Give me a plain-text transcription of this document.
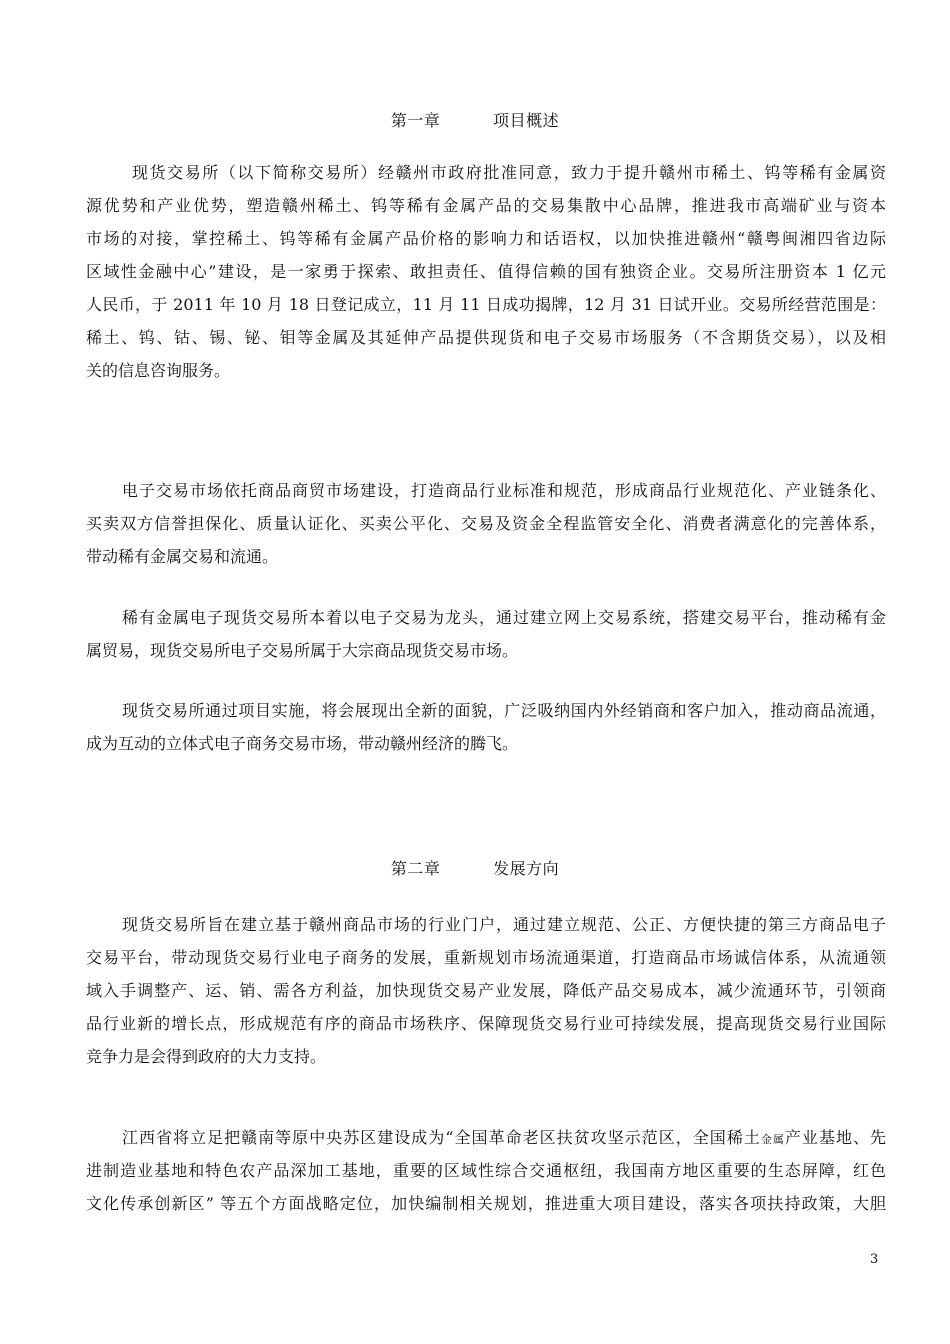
第一章   项目概述
现货交易所（以下简称交易所）经赣州市政府批准同意，致力于提升赣州市稀土、钨等稀有金属资
源优势和产业优势，塑造赣州稀土、钨等稀有金属产品的交易集散中心品牌，推进我市高端矿业与资本
市场的对接，掌控稀土、钨等稀有金属产品价格的影响力和话语权，以加快推进赣州“赣粤闽湘四省边际
区域性金融中心”建设，是一家勇于探索、敢担责任、值得信赖的国有独资企业。交易所注册资本 1 亿元
人民币，于 2011 年 10 月 18 日登记成立，11 月 11 日成功揭牌，12 月 31 日试开业。交易所经营范围是：
稀土、钨、钴、锡、铋、钼等金属及其延伸产品提供现货和电子交易市场服务（不含期货交易），以及相
关的信息咨询服务。
电子交易市场依托商品商贸市场建设，打造商品行业标准和规范，形成商品行业规范化、产业链条化、
买卖双方信誉担保化、质量认证化、买卖公平化、交易及资金全程监管安全化、消费者满意化的完善体系，
带动稀有金属交易和流通。
稀有金属电子现货交易所本着以电子交易为龙头，通过建立网上交易系统，搭建交易平台，推动稀有金
属贸易，现货交易所电子交易所属于大宗商品现货交易市场。
现货交易所通过项目实施，将会展现出全新的面貌，广泛吸纳国内外经销商和客户加入，推动商品流通，
成为互动的立体式电子商务交易市场，带动赣州经济的腾飞。
第二章   发展方向
现货交易所旨在建立基于赣州商品市场的行业门户，通过建立规范、公正、方便快捷的第三方商品电子
交易平台，带动现货交易行业电子商务的发展，重新规划市场流通渠道，打造商品市场诚信体系，从流通领
域入手调整产、运、销、需各方利益，加快现货交易产业发展，降低产品交易成本，减少流通环节，引领商
品行业新的增长点，形成规范有序的商品市场秩序、保障现货交易行业可持续发展，提高现货交易行业国际
竞争力是会得到政府的大力支持。
江西省将立足把赣南等原中央苏区建设成为“全国革命老区扶贫攻坚示范区，全国稀土金属产业基地、先
进制造业基地和特色农产品深加工基地，重要的区域性综合交通枢纽，我国南方地区重要的生态屏障，红色
文化传承创新区” 等五个方面战略定位，加快编制相关规划，推进重大项目建设，落实各项扶持政策，大胆
3
